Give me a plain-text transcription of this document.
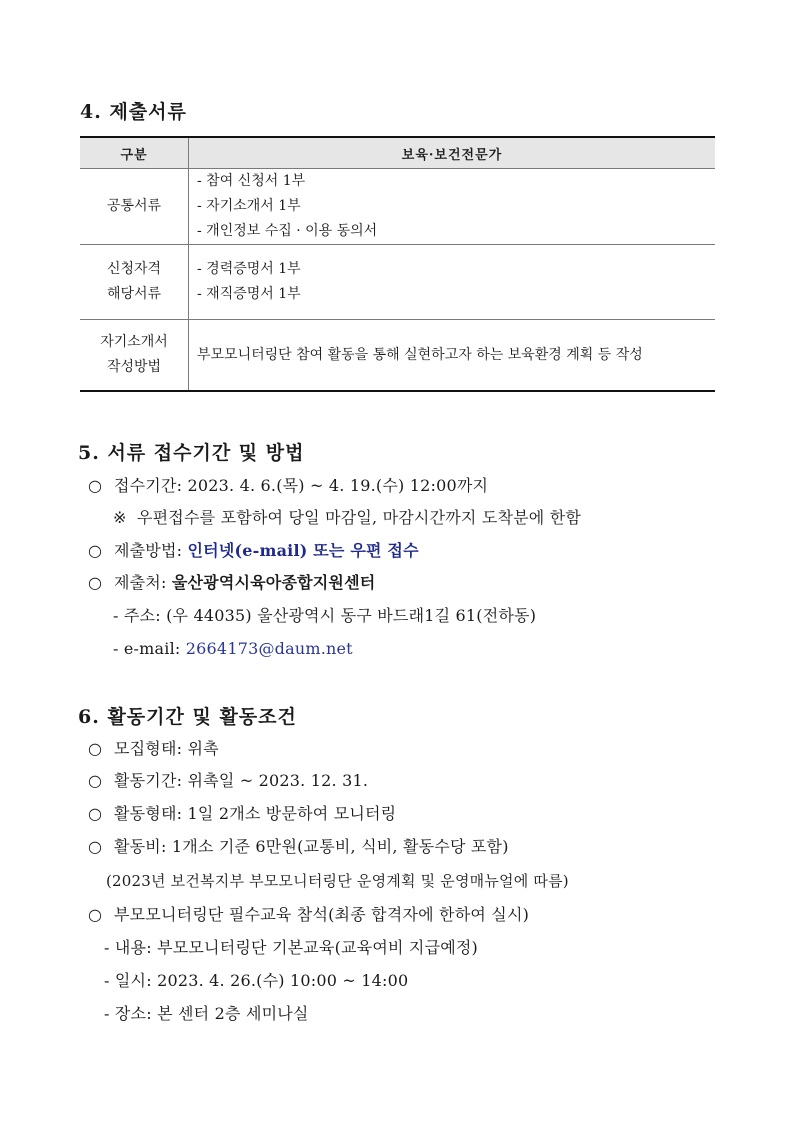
4. 제출서류
구분	보육·보건전문가

공통서류	- 참여 신청서 1부
- 자기소개서 1부
- 개인정보 수집 · 이용 동의서

신청자격
해당서류	- 경력증명서 1부
- 재직증명서 1부

자기소개서
작성방법	부모모니터링단 참여 활동을 통해 실현하고자 하는 보육환경 계획 등 작성
5. 서류 접수기간 및 방법
○ 접수기간: 2023. 4. 6.(목) ~ 4. 19.(수) 12:00까지
※ 우편접수를 포함하여 당일 마감일, 마감시간까지 도착분에 한함
○ 제출방법: 인터넷(e-mail) 또는 우편 접수
○ 제출처: 울산광역시육아종합지원센터
- 주소: (우 44035) 울산광역시 동구 바드래1길 61(전하동)
- e-mail: 2664173@daum.net
6. 활동기간 및 활동조건
○ 모집형태: 위촉
○ 활동기간: 위촉일 ~ 2023. 12. 31.
○ 활동형태: 1일 2개소 방문하여 모니터링
○ 활동비: 1개소 기준 6만원(교통비, 식비, 활동수당 포함)
(2023년 보건복지부 부모모니터링단 운영계획 및 운영매뉴얼에 따름)
○ 부모모니터링단 필수교육 참석(최종 합격자에 한하여 실시)
- 내용: 부모모니터링단 기본교육(교육여비 지급예정)
- 일시: 2023. 4. 26.(수) 10:00 ~ 14:00
- 장소: 본 센터 2층 세미나실
